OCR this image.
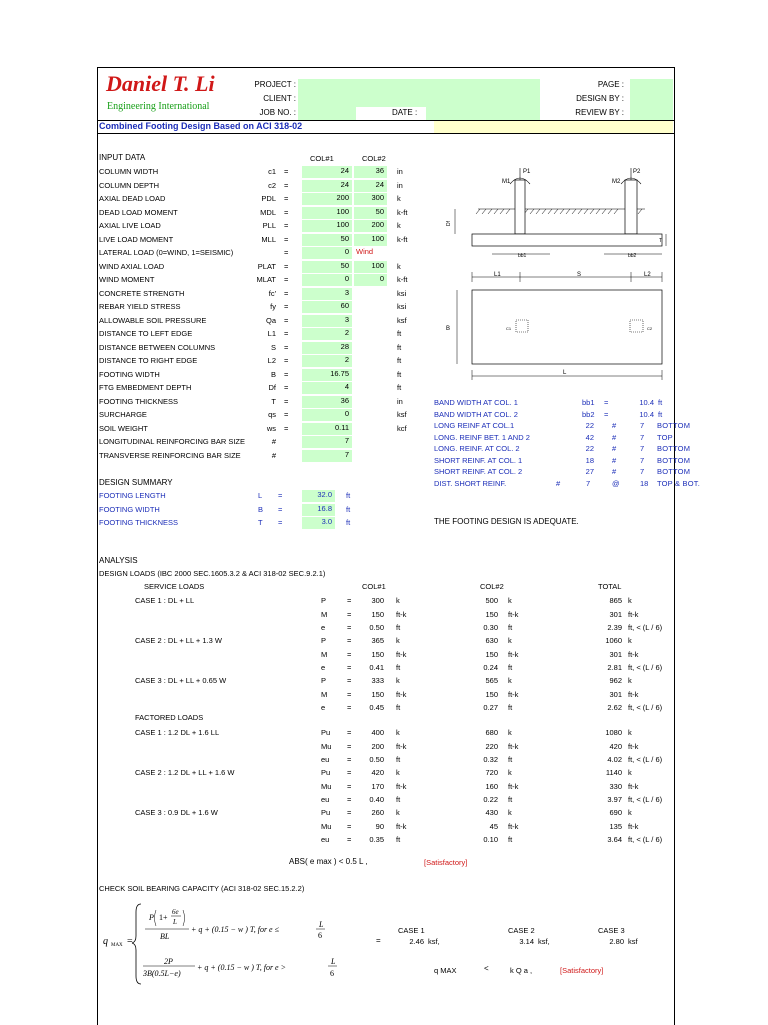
Daniel T. Li
Engineering International
PROJECT :
CLIENT :
JOB NO. :	DATE :
PAGE :
DESIGN BY :
REVIEW BY :
Combined Footing Design Based on ACI 318-02
INPUT DATA	COL#1	COL#2
COLUMN WIDTH	c1 =	24	36	in
COLUMN DEPTH	c2 =	24	24	in
AXIAL DEAD LOAD	PDL =	200	300	k
DEAD LOAD MOMENT	MDL =	100	50	k-ft
AXIAL LIVE LOAD	PLL =	100	200	k
LIVE LOAD MOMENT	MLL =	50	100	k-ft
LATERAL LOAD (0=WIND, 1=SEISMIC)	=	0 Wind
WIND AXIAL LOAD	PLAT =	50	100	k
WIND MOMENT	MLAT =	0	0	k-ft
CONCRETE STRENGTH	fc' =	3	ksi
REBAR YIELD STRESS	fy =	60	ksi
ALLOWABLE SOIL PRESSURE	Qa =	3	ksf
DISTANCE TO LEFT EDGE	L1 =	2	ft
DISTANCE BETWEEN COLUMNS	S =	28	ft
DISTANCE TO RIGHT EDGE	L2 =	2	ft
FOOTING WIDTH	B =	16.75	ft
FTG EMBEDMENT DEPTH	Df =	4	ft
FOOTING THICKNESS	T =	36	in
SURCHARGE	qs =	0	ksf
SOIL WEIGHT	ws =	0.11	kcf
LONGITUDINAL REINFORCING BAR SIZE	#	7
TRANSVERSE REINFORCING BAR SIZE	#	7
DESIGN SUMMARY
FOOTING LENGTH	L =	32.0	ft
FOOTING WIDTH	B =	16.8	ft
FOOTING THICKNESS	T =	3.0	ft	THE FOOTING DESIGN IS ADEQUATE.
BAND WIDTH AT COL. 1	bb1 =	10.4 ft
BAND WIDTH AT COL. 2	bb2 =	10.4 ft
LONG REINF AT COL.1	22 #	7 BOTTOM
LONG. REINF BET. 1 AND 2	42 #	7 TOP
LONG. REINF. AT COL. 2	22 #	7 BOTTOM
SHORT REINF. AT COL. 1	18 #	7 BOTTOM
SHORT REINF. AT COL. 2	27 #	7 BOTTOM
DIST. SHORT REINF.	#	7	@	18 TOP & BOT.
P1	P2
M1	M2
Df
T
bb1	bb2
L1	S	L2
B	C1	C2
L
ANALYSIS
DESIGN LOADS (IBC 2000 SEC.1605.3.2 & ACI 318-02 SEC.9.2.1)
SERVICE LOADS	COL#1	COL#2	TOTAL
FACTORED LOADS
CASE 1 : DL + LL	P	=	300 k	500 k	865 k
M	=	150 ft-k	150 ft-k	301 ft-k
e	=	0.50 ft	0.30 ft	2.39 ft, < (L / 6)
CASE 2 : DL + LL + 1.3 W	P	=	365 k	630 k	1060 k
M	=	150 ft-k	150 ft-k	301 ft-k
e	=	0.41 ft	0.24 ft	2.81 ft, < (L / 6)
CASE 3 : DL + LL + 0.65 W	P	=	333 k	565 k	962 k
M	=	150 ft-k	150 ft-k	301 ft-k
e	=	0.45 ft	0.27 ft	2.62 ft, < (L / 6)
CASE 1 : 1.2 DL + 1.6 LL	Pu =	400 k	680 k	1080 k
Mu =	200 ft-k	220 ft-k	420 ft-k
eu =	0.50 ft	0.32 ft	4.02 ft, < (L / 6)
CASE 2 : 1.2 DL + LL + 1.6 W	Pu =	420 k	720 k	1140 k
Mu =	170 ft-k	160 ft-k	330 ft-k
eu =	0.40 ft	0.22 ft	3.97 ft, < (L / 6)
CASE 3 : 0.9 DL + 1.6 W	Pu =	260 k	430 k	690 k
Mu =	90 ft-k	45 ft-k	135 ft-k
eu =	0.35 ft	0.10 ft	3.64 ft, < (L / 6)
ABS( e max ) < 0.5 L ,	[Satisfactory]
CHECK SOIL BEARING CAPACITY (ACI 318-02 SEC.15.2.2)
q MAX =
P 1+
6e
L
BL
+ q + (0.15 − w ) T, for e ≤
L
6
2P
3B(0.5L−e)
+ q + (0.15 − w ) T, for e >
L
6
=
CASE 1
2.46 ksf,
CASE 2
3.14 ksf,
CASE 3
2.80 ksf
q MAX	<	k Q a ,	[Satisfactory]
